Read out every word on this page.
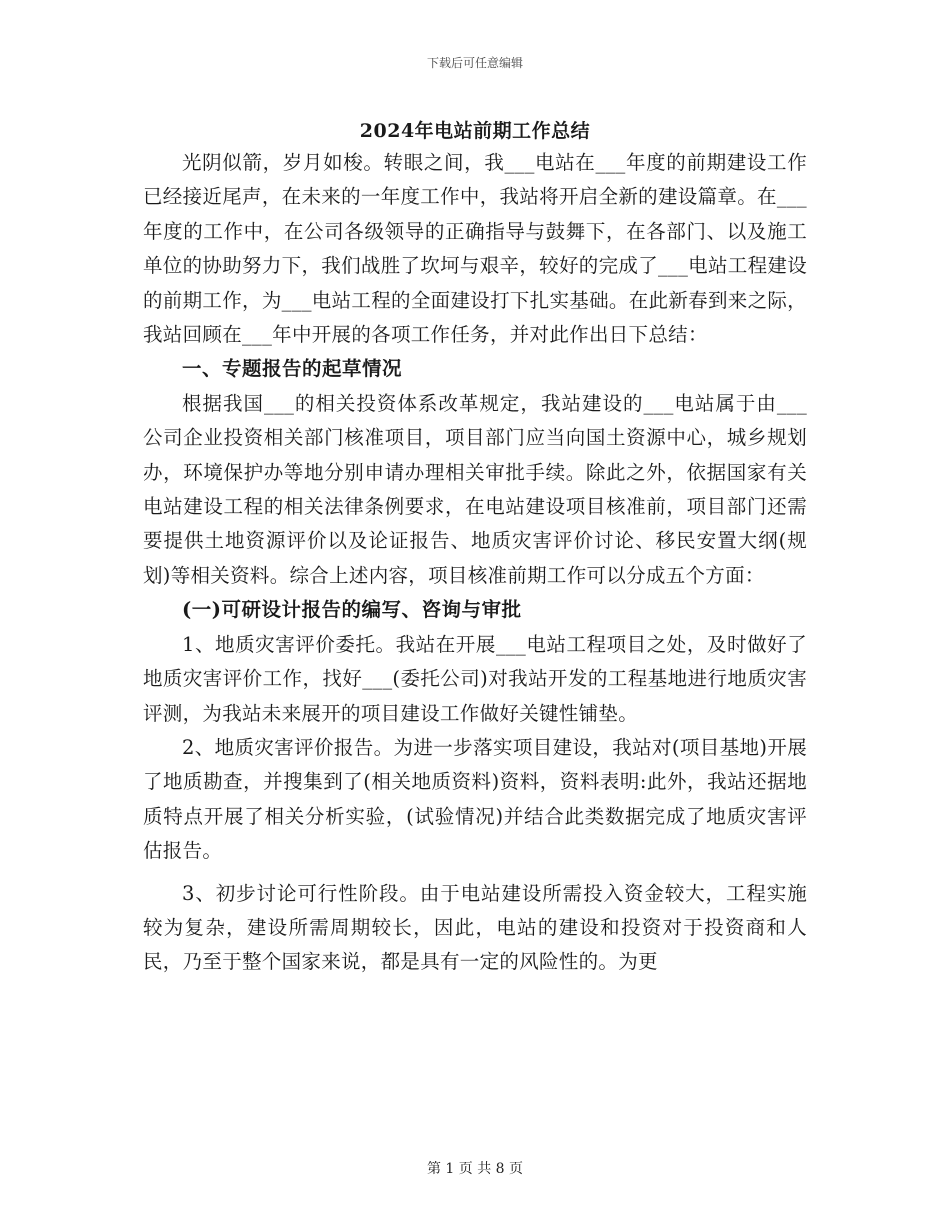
下载后可任意编辑
2024年电站前期工作总结

光阴似箭，岁月如梭。转眼之间，我___电站在___年度的前期建设工作已经接近尾声，在未来的一年度工作中，我站将开启全新的建设篇章。在___年度的工作中，在公司各级领导的正确指导与鼓舞下，在各部门、以及施工单位的协助努力下，我们战胜了坎坷与艰辛，较好的完成了___电站工程建设的前期工作，为___电站工程的全面建设打下扎实基础。在此新春到来之际，我站回顾在___年中开展的各项工作任务，并对此作出日下总结：

一、专题报告的起草情况

根据我国___的相关投资体系改革规定，我站建设的___电站属于由___公司企业投资相关部门核准项目，项目部门应当向国土资源中心，城乡规划办，环境保护办等地分别申请办理相关审批手续。除此之外，依据国家有关电站建设工程的相关法律条例要求，在电站建设项目核准前，项目部门还需要提供土地资源评价以及论证报告、地质灾害评价讨论、移民安置大纲(规划)等相关资料。综合上述内容，项目核准前期工作可以分成五个方面：

(一)可研设计报告的编写、咨询与审批

1、地质灾害评价委托。我站在开展___电站工程项目之处，及时做好了地质灾害评价工作，找好___(委托公司)对我站开发的工程基地进行地质灾害评测，为我站未来展开的项目建设工作做好关键性铺垫。

2、地质灾害评价报告。为进一步落实项目建设，我站对(项目基地)开展了地质勘查，并搜集到了(相关地质资料)资料，资料表明:此外，我站还据地质特点开展了相关分析实验，(试验情况)并结合此类数据完成了地质灾害评估报告。

3、初步讨论可行性阶段。由于电站建设所需投入资金较大，工程实施较为复杂，建设所需周期较长，因此，电站的建设和投资对于投资商和人民，乃至于整个国家来说，都是具有一定的风险性的。为更

第 1 页 共 8 页
